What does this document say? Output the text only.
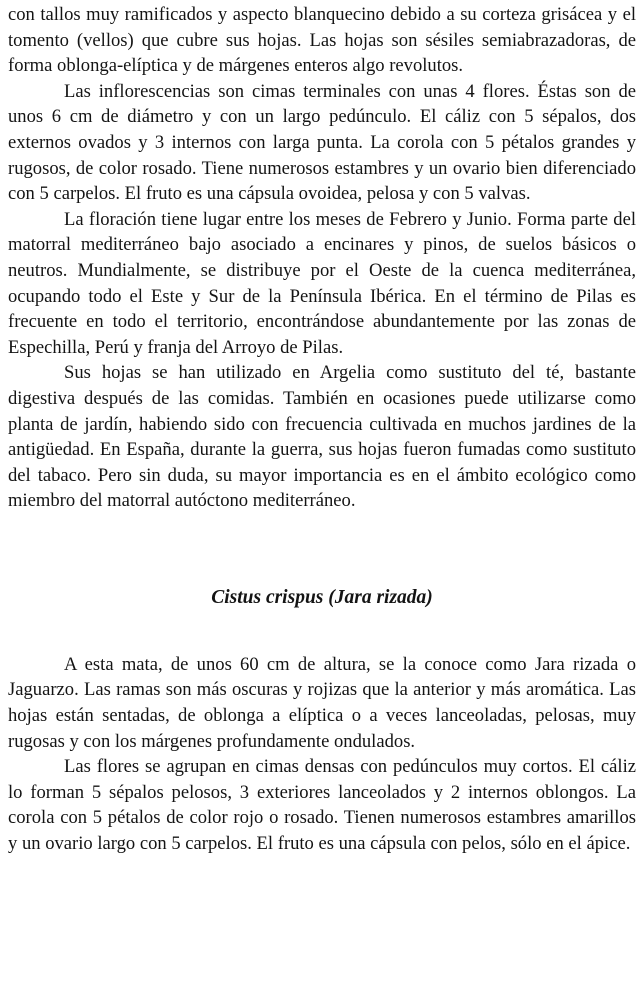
con tallos muy ramificados y aspecto blanquecino debido a su corteza grisácea y el tomento (vellos) que cubre sus hojas. Las hojas son sésiles semiabrazadoras, de forma oblonga-elíptica y de márgenes enteros algo revolutos.

Las inflorescencias son cimas terminales con unas 4 flores. Éstas son de unos 6 cm de diámetro y con un largo pedúnculo. El cáliz con 5 sépalos, dos externos ovados y 3 internos con larga punta. La corola con 5 pétalos grandes y rugosos, de color rosado. Tiene numerosos estambres y un ovario bien diferenciado con 5 carpelos. El fruto es una cápsula ovoidea, pelosa y con 5 valvas.

La floración tiene lugar entre los meses de Febrero y Junio. Forma parte del matorral mediterráneo bajo asociado a encinares y pinos, de suelos básicos o neutros. Mundialmente, se distribuye por el Oeste de la cuenca mediterránea, ocupando todo el Este y Sur de la Península Ibérica. En el término de Pilas es frecuente en todo el territorio, encontrándose abundantemente por las zonas de Espechilla, Perú y franja del Arroyo de Pilas.

Sus hojas se han utilizado en Argelia como sustituto del té, bastante digestiva después de las comidas. También en ocasiones puede utilizarse como planta de jardín, habiendo sido con frecuencia cultivada en muchos jardines de la antigüedad. En España, durante la guerra, sus hojas fueron fumadas como sustituto del tabaco. Pero sin duda, su mayor importancia es en el ámbito ecológico como miembro del matorral autóctono mediterráneo.

Cistus crispus (Jara rizada)

A esta mata, de unos 60 cm de altura, se la conoce como Jara rizada o Jaguarzo. Las ramas son más oscuras y rojizas que la anterior y más aromática. Las hojas están sentadas, de oblonga a elíptica o a veces lanceoladas, pelosas, muy rugosas y con los márgenes profundamente ondulados.

Las flores se agrupan en cimas densas con pedúnculos muy cortos. El cáliz lo forman 5 sépalos pelosos, 3 exteriores lanceolados y 2 internos oblongos. La corola con 5 pétalos de color rojo o rosado. Tienen numerosos estambres amarillos y un ovario largo con 5 carpelos. El fruto es una cápsula con pelos, sólo en el ápice.
